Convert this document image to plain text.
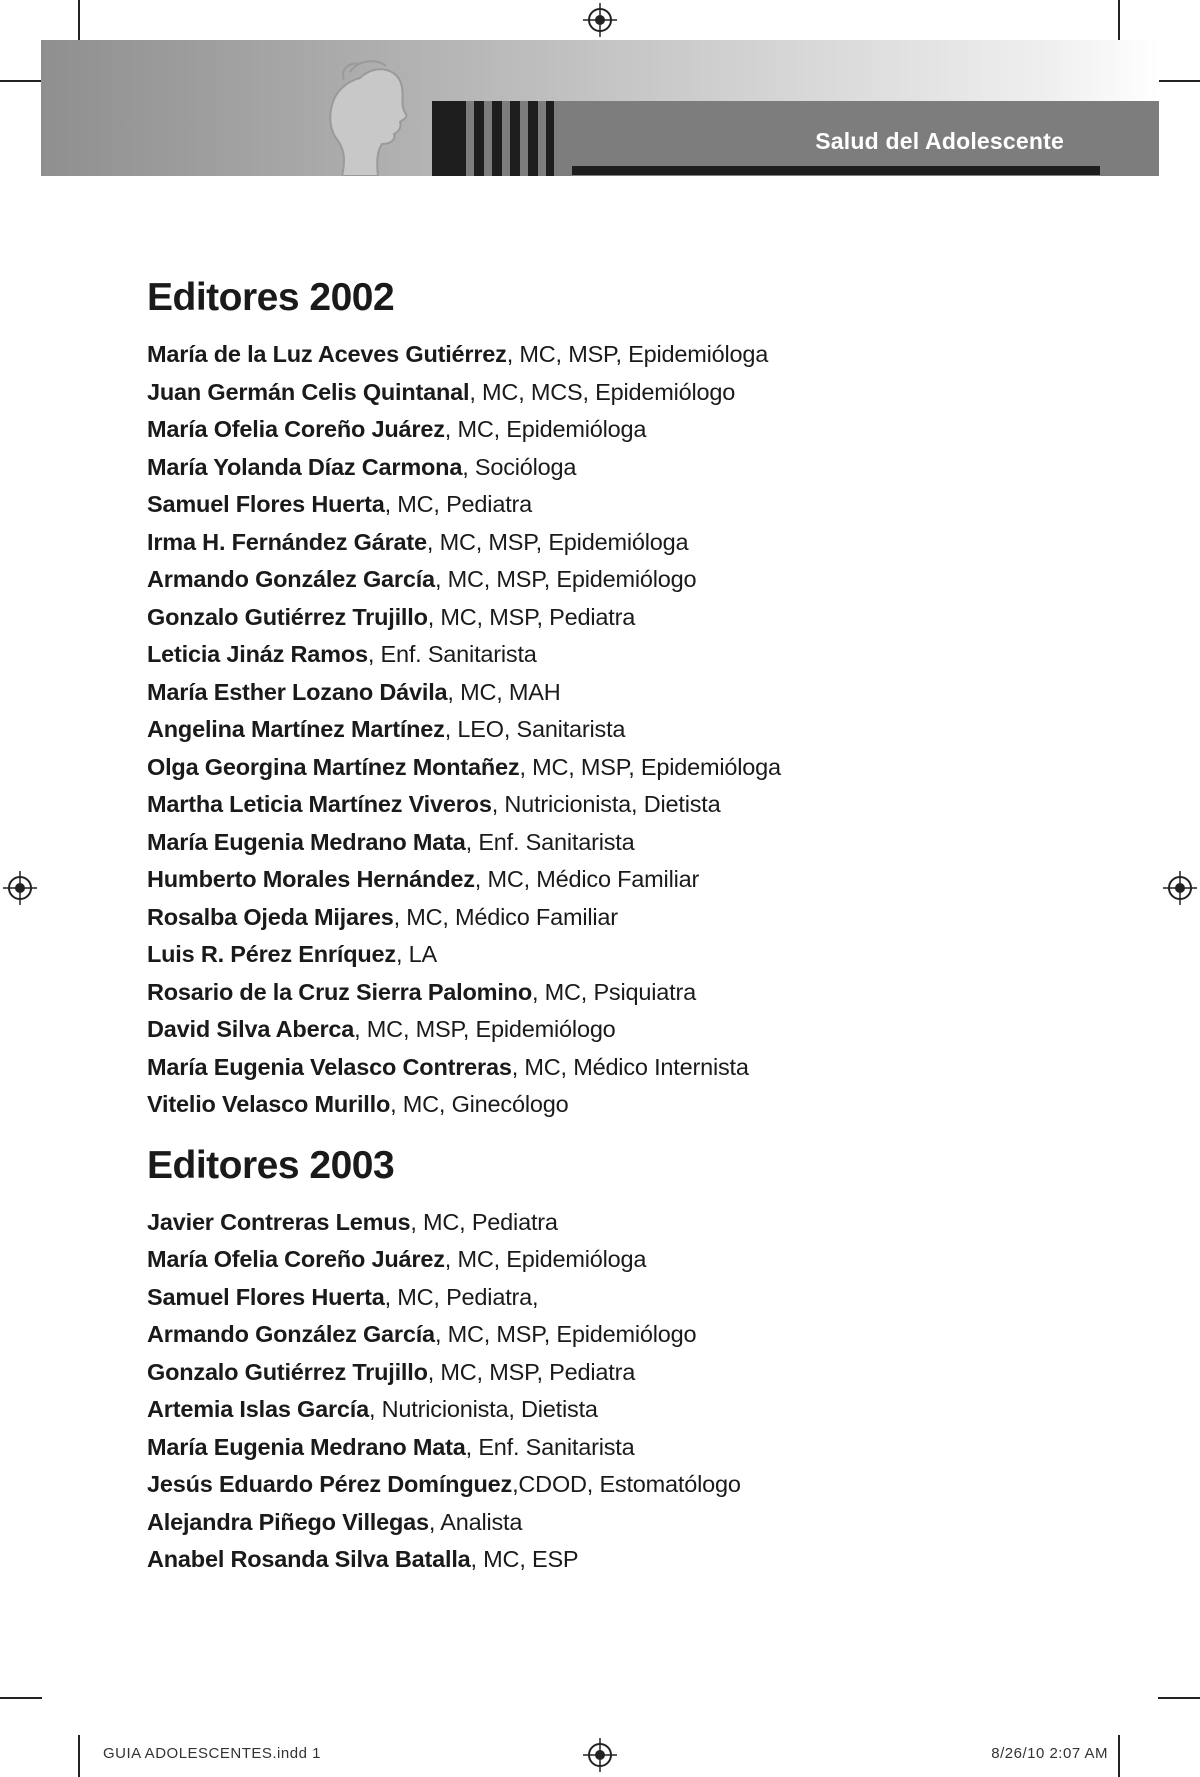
Salud del Adolescente
Editores 2002
María de la Luz Aceves Gutiérrez, MC, MSP, Epidemióloga
Juan Germán Celis Quintanal, MC, MCS, Epidemiólogo
María Ofelia Coreño Juárez, MC, Epidemióloga
María Yolanda Díaz Carmona, Socióloga
Samuel Flores Huerta, MC, Pediatra
Irma H. Fernández Gárate, MC, MSP, Epidemióloga
Armando González García, MC, MSP, Epidemiólogo
Gonzalo Gutiérrez Trujillo, MC, MSP, Pediatra
Leticia Jináz Ramos, Enf. Sanitarista
María Esther Lozano Dávila, MC, MAH
Angelina Martínez Martínez, LEO, Sanitarista
Olga Georgina Martínez Montañez, MC, MSP, Epidemióloga
Martha Leticia Martínez Viveros, Nutricionista, Dietista
María Eugenia Medrano Mata, Enf. Sanitarista
Humberto Morales Hernández, MC, Médico Familiar
Rosalba Ojeda Mijares, MC, Médico Familiar
Luis R. Pérez Enríquez, LA
Rosario de la Cruz Sierra Palomino, MC, Psiquiatra
David Silva Aberca, MC, MSP, Epidemiólogo
María Eugenia Velasco Contreras, MC, Médico Internista
Vitelio Velasco Murillo, MC, Ginecólogo
Editores 2003
Javier Contreras Lemus, MC, Pediatra
María Ofelia Coreño Juárez, MC, Epidemióloga
Samuel Flores Huerta, MC, Pediatra,
Armando González García, MC, MSP, Epidemiólogo
Gonzalo Gutiérrez Trujillo, MC, MSP, Pediatra
Artemia Islas García, Nutricionista, Dietista
María Eugenia Medrano Mata, Enf. Sanitarista
Jesús Eduardo Pérez Domínguez,CDOD, Estomatólogo
Alejandra Piñego Villegas, Analista
Anabel Rosanda Silva Batalla, MC, ESP
GUIA ADOLESCENTES.indd 1	8/26/10 2:07 AM
